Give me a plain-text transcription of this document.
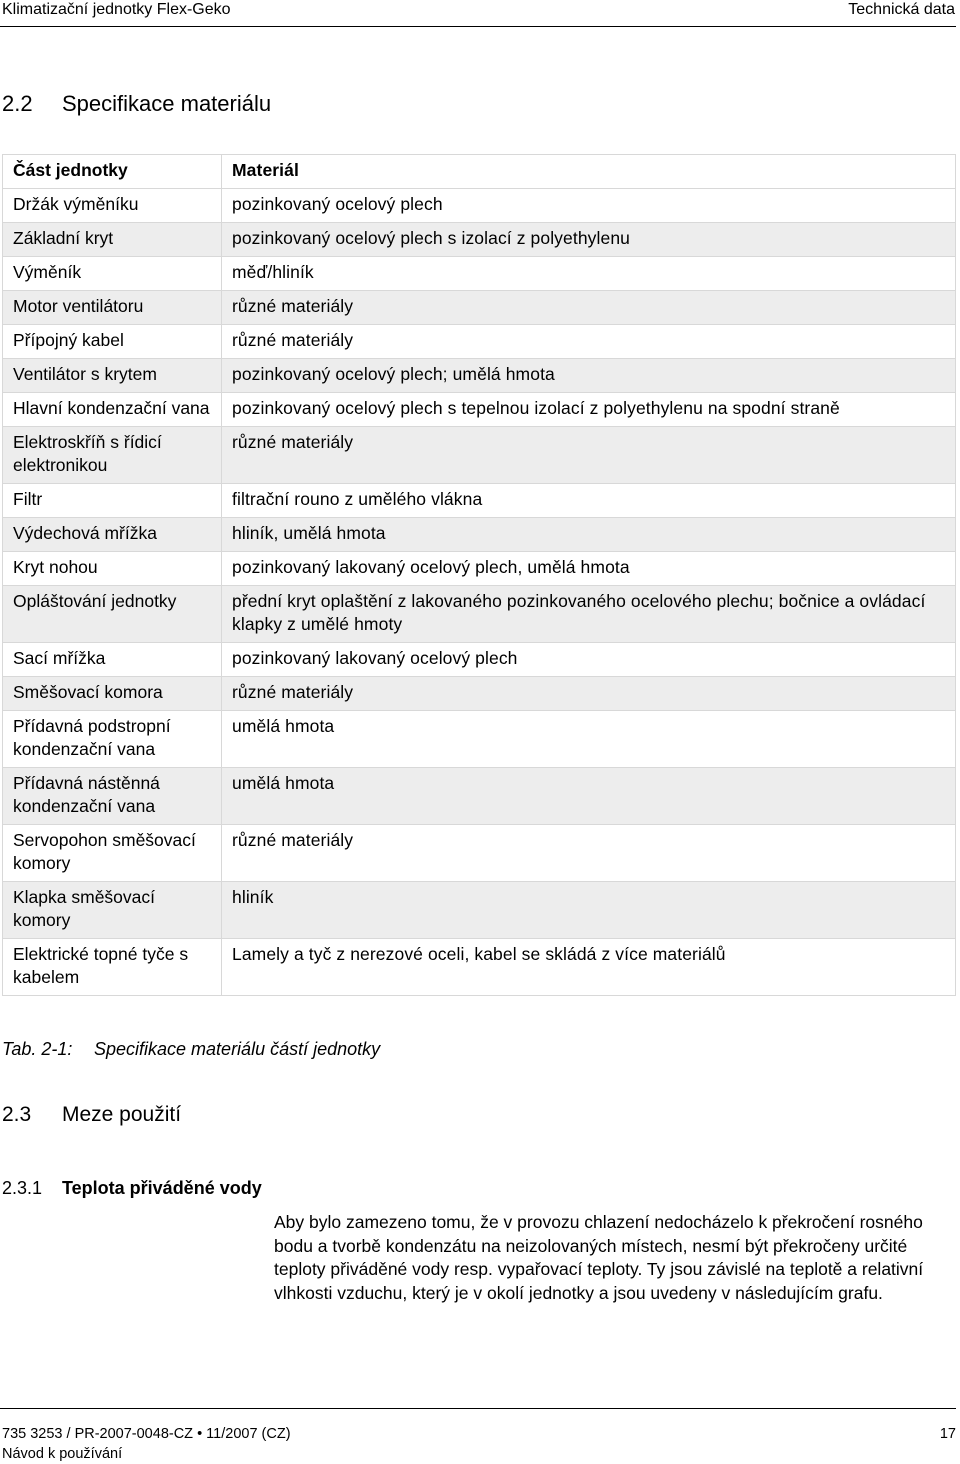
Klimatizační jednotky Flex-Geko	Technická data
2.2 Specifikace materiálu
Část jednotky	Materiál
Držák výměníku	pozinkovaný ocelový plech
Základní kryt	pozinkovaný ocelový plech s izolací z polyethylenu
Výměník	měď/hliník
Motor ventilátoru	různé materiály
Přípojný kabel	různé materiály
Ventilátor s krytem	pozinkovaný ocelový plech; umělá hmota
Hlavní kondenzační vana	pozinkovaný ocelový plech s tepelnou izolací z polyethylenu na spodní straně
Elektroskříň s řídicí elektronikou	různé materiály
Filtr	filtrační rouno z umělého vlákna
Výdechová mřížka	hliník, umělá hmota
Kryt nohou	pozinkovaný lakovaný ocelový plech, umělá hmota
Opláštování jednotky	přední kryt oplaštění z lakovaného pozinkovaného ocelového plechu; bočnice a ovládací klapky z umělé hmoty
Sací mřížka	pozinkovaný lakovaný ocelový plech
Směšovací komora	různé materiály
Přídavná podstropní kondenzační vana	umělá hmota
Přídavná nástěnná kondenzační vana	umělá hmota
Servopohon směšovací komory	různé materiály
Klapka směšovací komory	hliník
Elektrické topné tyče s kabelem	Lamely a tyč z nerezové oceli, kabel se skládá z více materiálů
Tab. 2-1: Specifikace materiálu částí jednotky
2.3 Meze použití
2.3.1 Teplota přiváděné vody
Aby bylo zamezeno tomu, že v provozu chlazení nedocházelo k překročení rosného bodu a tvorbě kondenzátu na neizolovaných místech, nesmí být překročeny určité teploty přiváděné vody resp. vypařovací teploty. Ty jsou závislé na teplotě a relativní vlhkosti vzduchu, který je v okolí jednotky a jsou uvedeny v následujícím grafu.
735 3253 / PR-2007-0048-CZ • 11/2007 (CZ)
Návod k používání
17
